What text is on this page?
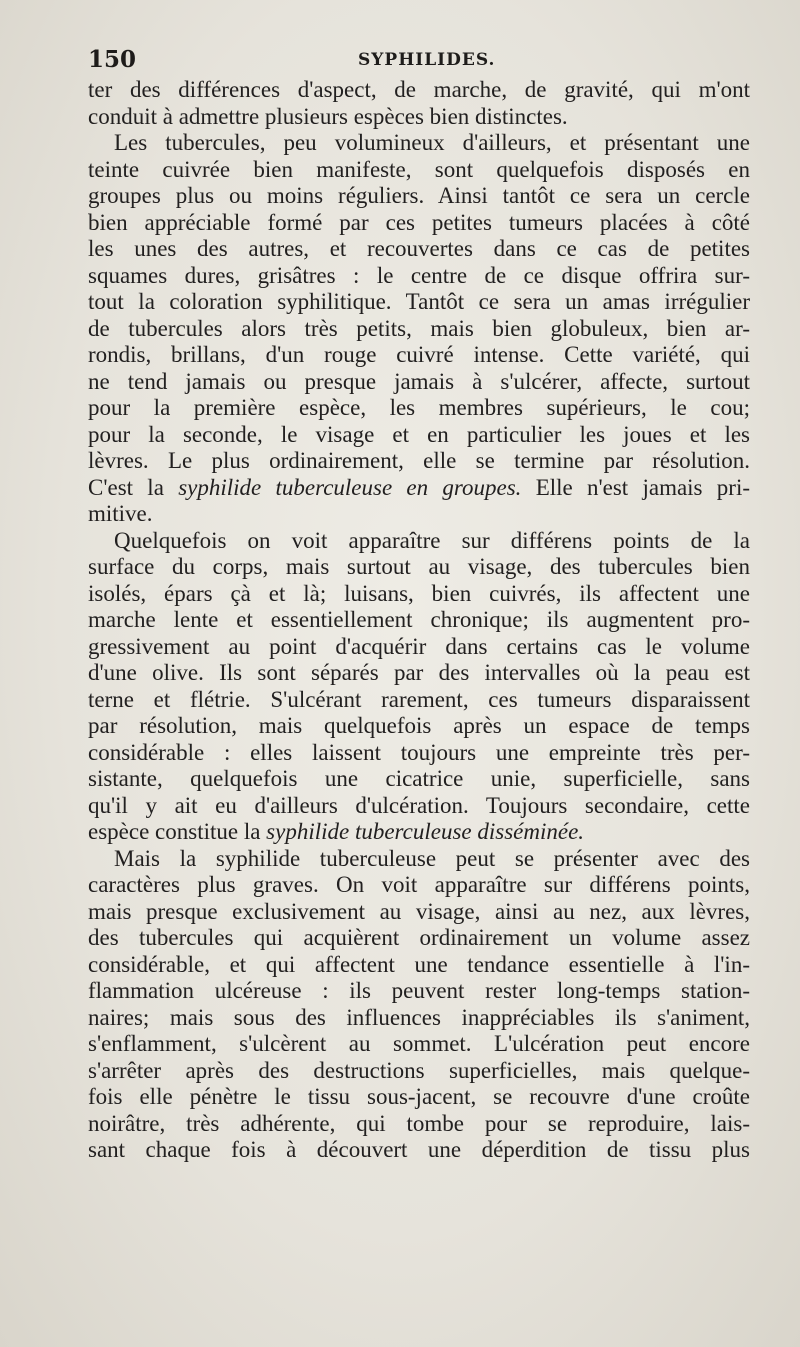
150	SYPHILIDES.
ter des différences d'aspect, de marche, de gravité, qui m'ont
conduit à admettre plusieurs espèces bien distinctes.
Les tubercules, peu volumineux d'ailleurs, et présentant une
teinte cuivrée bien manifeste, sont quelquefois disposés en
groupes plus ou moins réguliers. Ainsi tantôt ce sera un cercle
bien appréciable formé par ces petites tumeurs placées à côté
les unes des autres, et recouvertes dans ce cas de petites
squames dures, grisâtres : le centre de ce disque offrira sur-
tout la coloration syphilitique. Tantôt ce sera un amas irrégulier
de tubercules alors très petits, mais bien globuleux, bien ar-
rondis, brillans, d'un rouge cuivré intense. Cette variété, qui
ne tend jamais ou presque jamais à s'ulcérer, affecte, surtout
pour la première espèce, les membres supérieurs, le cou;
pour la seconde, le visage et en particulier les joues et les
lèvres. Le plus ordinairement, elle se termine par résolution.
C'est la syphilide tuberculeuse en groupes. Elle n'est jamais pri-
mitive.
Quelquefois on voit apparaître sur différens points de la
surface du corps, mais surtout au visage, des tubercules bien
isolés, épars çà et là; luisans, bien cuivrés, ils affectent une
marche lente et essentiellement chronique; ils augmentent pro-
gressivement au point d'acquérir dans certains cas le volume
d'une olive. Ils sont séparés par des intervalles où la peau est
terne et flétrie. S'ulcérant rarement, ces tumeurs disparaissent
par résolution, mais quelquefois après un espace de temps
considérable : elles laissent toujours une empreinte très per-
sistante, quelquefois une cicatrice unie, superficielle, sans
qu'il y ait eu d'ailleurs d'ulcération. Toujours secondaire, cette
espèce constitue la syphilide tuberculeuse disséminée.
Mais la syphilide tuberculeuse peut se présenter avec des
caractères plus graves. On voit apparaître sur différens points,
mais presque exclusivement au visage, ainsi au nez, aux lèvres,
des tubercules qui acquièrent ordinairement un volume assez
considérable, et qui affectent une tendance essentielle à l'in-
flammation ulcéreuse : ils peuvent rester long-temps station-
naires; mais sous des influences inappréciables ils s'animent,
s'enflamment, s'ulcèrent au sommet. L'ulcération peut encore
s'arrêter après des destructions superficielles, mais quelque-
fois elle pénètre le tissu sous-jacent, se recouvre d'une croûte
noirâtre, très adhérente, qui tombe pour se reproduire, lais-
sant chaque fois à découvert une déperdition de tissu plus
